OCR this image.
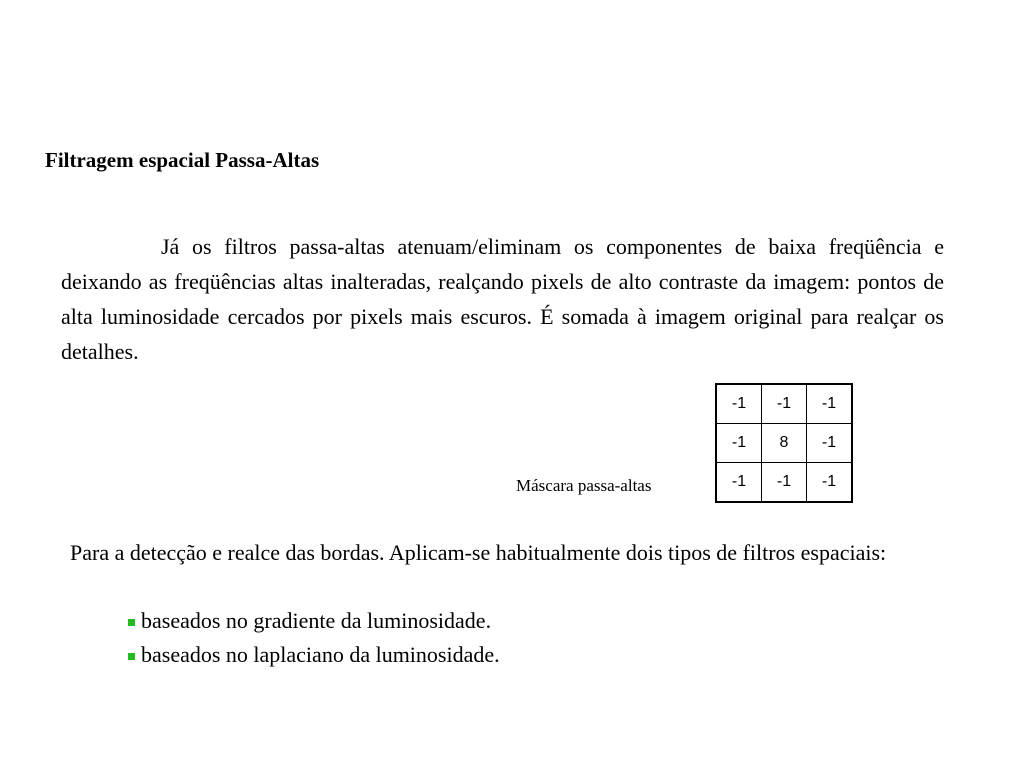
Filtragem espacial Passa-Altas

Já os filtros passa-altas atenuam/eliminam os componentes de baixa freqüência e deixando as freqüências altas inalteradas, realçando pixels de alto contraste da imagem: pontos de alta luminosidade cercados por pixels mais escuros. É somada à imagem original para realçar os detalhes.

Máscara passa-altas
-1	-1	-1
-1	8	-1
-1	-1	-1

Para a detecção e realce das bordas. Aplicam-se habitualmente dois tipos de filtros espaciais:

baseados no gradiente da luminosidade.
baseados no laplaciano da luminosidade.
